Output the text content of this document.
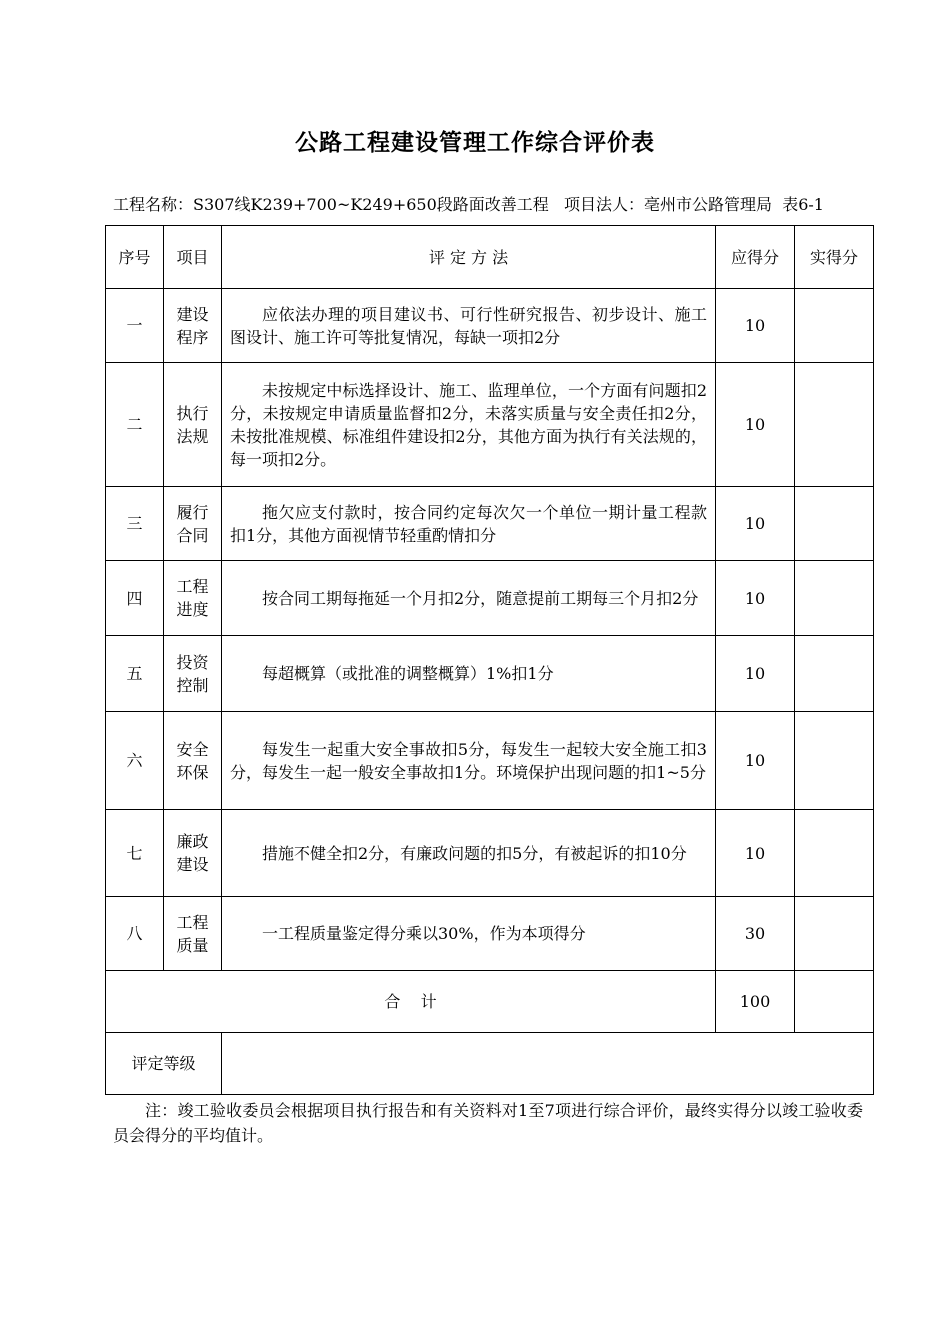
公路工程建设管理工作综合评价表
工程名称：S307线K239+700~K249+650段路面改善工程   项目法人：亳州市公路管理局  表6-1
序号	项目	评 定 方 法	应得分	实得分
一	建设程序	应依法办理的项目建议书、可行性研究报告、初步设计、施工图设计、施工许可等批复情况，每缺一项扣2分	10	
二	执行法规	未按规定中标选择设计、施工、监理单位，一个方面有问题扣2分，未按规定申请质量监督扣2分，未落实质量与安全责任扣2分，未按批准规模、标准组件建设扣2分，其他方面为执行有关法规的，每一项扣2分。	10	
三	履行合同	拖欠应支付款时，按合同约定每次欠一个单位一期计量工程款扣1分，其他方面视情节轻重酌情扣分	10	
四	工程进度	按合同工期每拖延一个月扣2分，随意提前工期每三个月扣2分	10	
五	投资控制	每超概算（或批准的调整概算）1%扣1分	10	
六	安全环保	每发生一起重大安全事故扣5分，每发生一起较大安全施工扣3分，每发生一起一般安全事故扣1分。环境保护出现问题的扣1~5分	10	
七	廉政建设	措施不健全扣2分，有廉政问题的扣5分，有被起诉的扣10分	10	
八	工程质量	一工程质量鉴定得分乘以30%，作为本项得分	30	
合    计			100	
评定等级				
注：竣工验收委员会根据项目执行报告和有关资料对1至7项进行综合评价，最终实得分以竣工验收委员会得分的平均值计。
